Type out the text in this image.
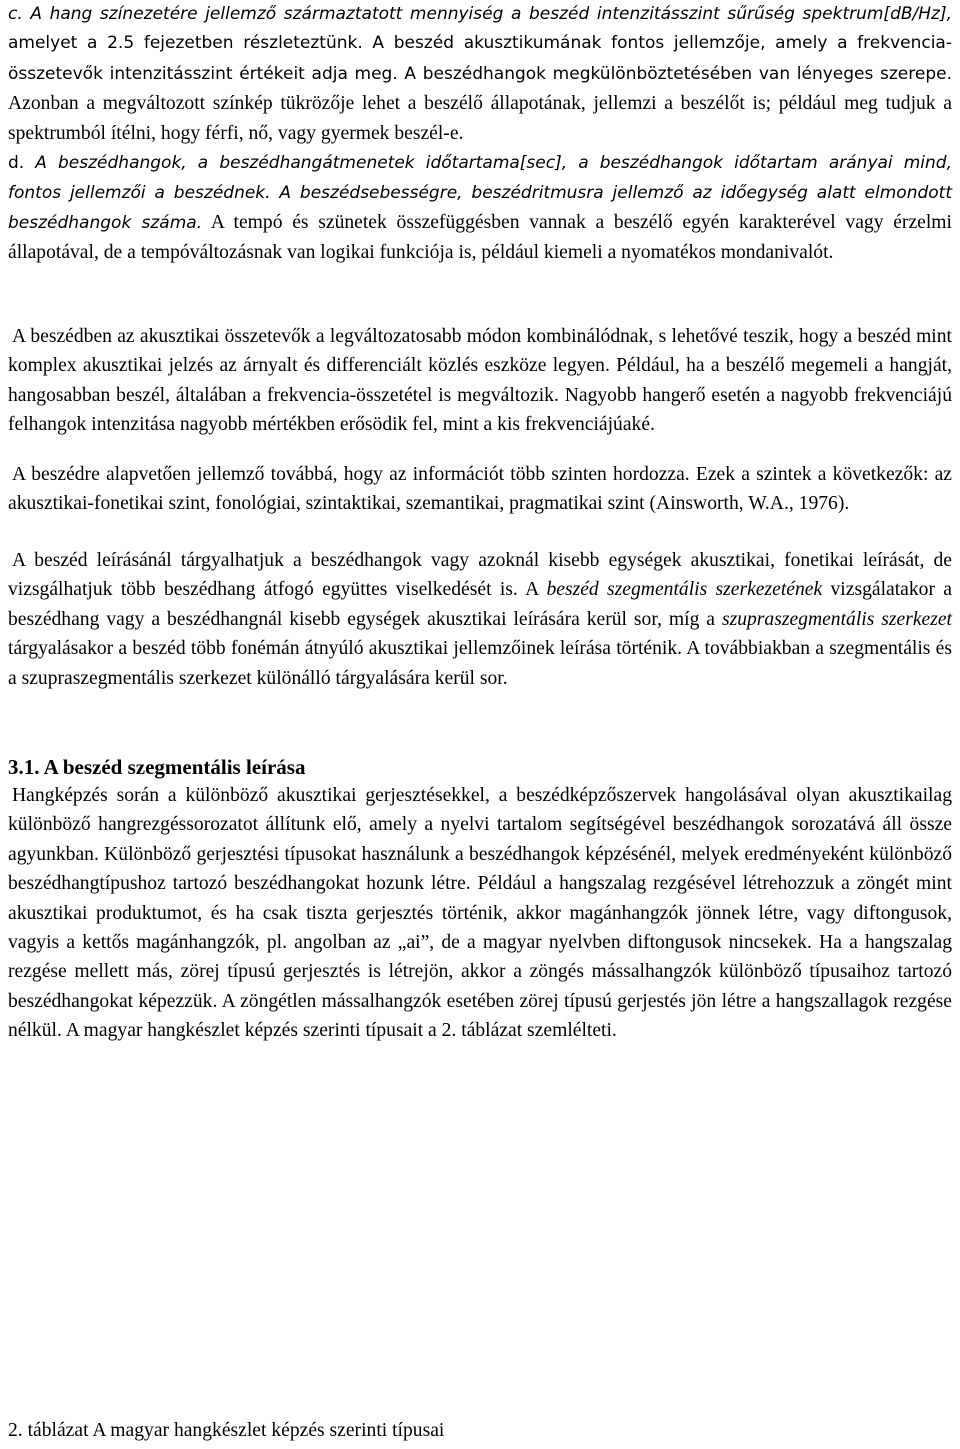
c. A hang színezetére jellemző származtatott mennyiség a beszéd intenzitásszint sűrűség spektrum[dB/Hz], amelyet a 2.5 fejezetben részleteztünk. A beszéd akusztikumának fontos jellemzője, amely a frekvencia-összetevők intenzitásszint értékeit adja meg. A beszédhangok megkülönböztetésében van lényeges szerepe. Azonban a megváltozott színkép tükrözője lehet a beszélő állapotának, jellemzi a beszélőt is; például meg tudjuk a spektrumból ítélni, hogy férfi, nő, vagy gyermek beszél-e.
d. A beszédhangok, a beszédhangátmenetek időtartama[sec], a beszédhangok időtartam arányai mind, fontos jellemzői a beszédnek. A beszédsebességre, beszédritmusra jellemző az időegység alatt elmondott beszédhangok száma. A tempó és szünetek összefüggésben vannak a beszélő egyén karakterével vagy érzelmi állapotával, de a tempóváltozásnak van logikai funkciója is, például kiemeli a nyomatékos mondanivalót.

A beszédben az akusztikai összetevők a legváltozatosabb módon kombinálódnak, s lehetővé teszik, hogy a beszéd mint komplex akusztikai jelzés az árnyalt és differenciált közlés eszköze legyen. Például, ha a beszélő megemeli a hangját, hangosabban beszél, általában a frekvencia-összetétel is megváltozik. Nagyobb hangerő esetén a nagyobb frekvenciájú felhangok intenzitása nagyobb mértékben erősödik fel, mint a kis frekvenciájúaké.

A beszédre alapvetően jellemző továbbá, hogy az információt több szinten hordozza. Ezek a szintek a következők: az akusztikai-fonetikai szint, fonológiai, szintaktikai, szemantikai, pragmatikai szint (Ainsworth, W.A., 1976).

A beszéd leírásánál tárgyalhatjuk a beszédhangok vagy azoknál kisebb egységek akusztikai, fonetikai leírását, de vizsgálhatjuk több beszédhang átfogó együttes viselkedését is. A beszéd szegmentális szerkezetének vizsgálatakor a beszédhang vagy a beszédhangnál kisebb egységek akusztikai leírására kerül sor, míg a szupraszegmentális szerkezet tárgyalásakor a beszéd több fonémán átnyúló akusztikai jellemzőinek leírása történik. A továbbiakban a szegmentális és a szupraszegmentális szerkezet különálló tárgyalására kerül sor.

3.1. A beszéd szegmentális leírása

Hangképzés során a különböző akusztikai gerjesztésekkel, a beszédképzőszervek hangolásával olyan akusztikailag különböző hangrezgéssorozatot állítunk elő, amely a nyelvi tartalom segítségével beszédhangok sorozatává áll össze agyunkban. Különböző gerjesztési típusokat használunk a beszédhangok képzésénél, melyek eredményeként különböző beszédhangtípushoz tartozó beszédhangokat hozunk létre. Például a hangszalag rezgésével létrehozzuk a zöngét mint akusztikai produktumot, és ha csak tiszta gerjesztés történik, akkor magánhangzók jönnek létre, vagy diftongusok, vagyis a kettős magánhangzók, pl. angolban az „ai”, de a magyar nyelvben diftongusok nincsekek. Ha a hangszalag rezgése mellett más, zörej típusú gerjesztés is létrejön, akkor a zöngés mássalhangzók különböző típusaihoz tartozó beszédhangokat képezzük. A zöngétlen mássalhangzók esetében zörej típusú gerjestés jön létre a hangszallagok rezgése nélkül. A magyar hangkészlet képzés szerinti típusait a 2. táblázat szemlélteti.

2. táblázat A magyar hangkészlet képzés szerinti típusai
